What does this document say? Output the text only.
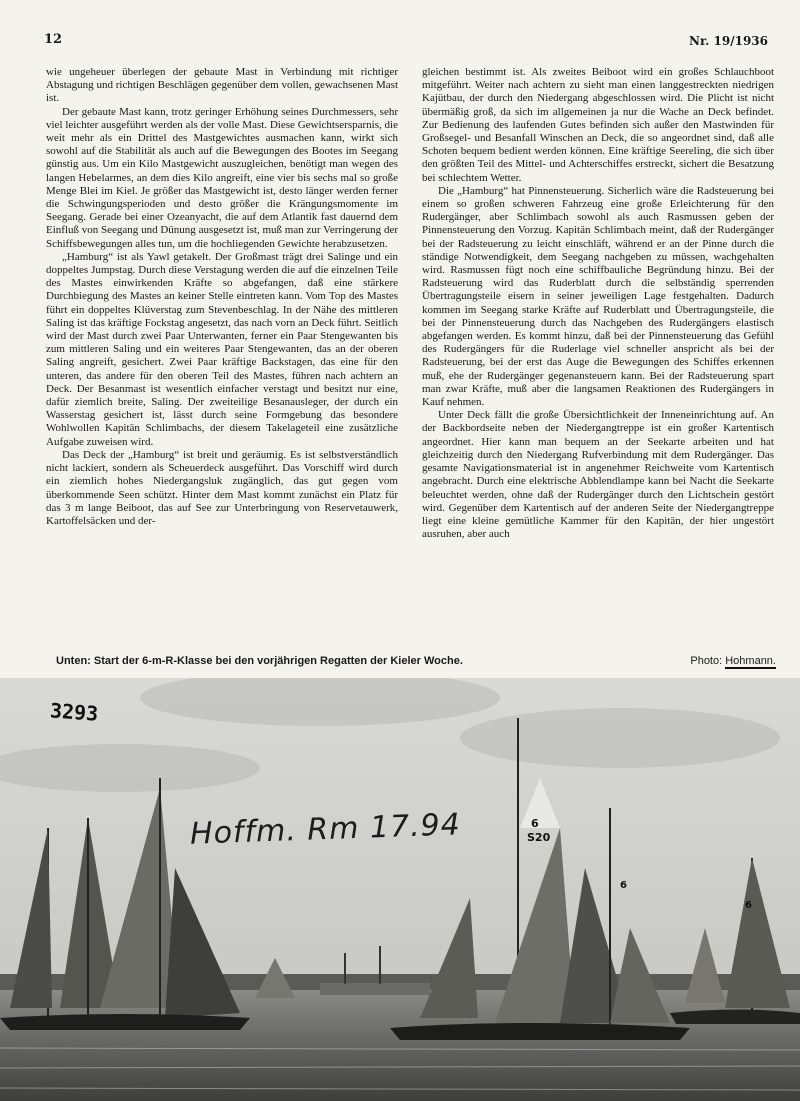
12	Nr. 19/1936

wie ungeheuer überlegen der gebaute Mast in Verbindung mit richtiger Abstagung und richtigen Beschlägen gegenüber dem vollen, gewachsenen Mast ist.

Der gebaute Mast kann, trotz geringer Erhöhung seines Durchmessers, sehr viel leichter ausgeführt werden als der volle Mast. Diese Gewichtsersparnis, die weit mehr als ein Drittel des Mastgewichtes ausmachen kann, wirkt sich sowohl auf die Stabilität als auch auf die Bewegungen des Bootes im Seegang günstig aus. Um ein Kilo Mastgewicht auszugleichen, benötigt man wegen des langen Hebelarmes, an dem dies Kilo angreift, eine vier bis sechs mal so große Menge Blei im Kiel. Je größer das Mastgewicht ist, desto länger werden ferner die Schwingungsperioden und desto größer die Krängungsmomente im Seegang. Gerade bei einer Ozeanyacht, die auf dem Atlantik fast dauernd dem Einfluß von Seegang und Dünung ausgesetzt ist, muß man zur Verringerung der Schiffsbewegungen alles tun, um die hochliegenden Gewichte herabzusetzen.

„Hamburg“ ist als Yawl getakelt. Der Großmast trägt drei Salinge und ein doppeltes Jumpstag. Durch diese Verstagung werden die auf die einzelnen Teile des Mastes einwirkenden Kräfte so abgefangen, daß eine stärkere Durchbiegung des Mastes an keiner Stelle eintreten kann. Vom Top des Mastes führt ein doppeltes Klüverstag zum Stevenbeschlag. In der Nähe des mittleren Saling ist das kräftige Fockstag angesetzt, das nach vorn an Deck führt. Seitlich wird der Mast durch zwei Paar Unterwanten, ferner ein Paar Stengewanten bis zum mittleren Saling und ein weiteres Paar Stengewanten, das an der oberen Saling angreift, gesichert. Zwei Paar kräftige Backstagen, das eine für den unteren, das andere für den oberen Teil des Mastes, führen nach achtern an Deck. Der Besanmast ist wesentlich einfacher verstagt und besitzt nur eine, dafür ziemlich breite, Saling. Der zweiteilige Besanausleger, der durch ein Wasserstag gesichert ist, lässt durch seine Formgebung das besondere Wohlwollen Kapitän Schlimbachs, der diesem Takelageteil eine zusätzliche Aufgabe zuweisen wird.

Das Deck der „Hamburg“ ist breit und geräumig. Es ist selbstverständlich nicht lackiert, sondern als Scheuerdeck ausgeführt. Das Vorschiff wird durch ein ziemlich hohes Niedergangsluk zugänglich, das gut gegen vom überkommende Seen schützt. Hinter dem Mast kommt zunächst ein Platz für das 3 m lange Beiboot, das auf See zur Unterbringung von Reservetauwerk, Kartoffelsäcken und der-

gleichen bestimmt ist. Als zweites Beiboot wird ein großes Schlauchboot mitgeführt. Weiter nach achtern zu sieht man einen langgestreckten niedrigen Kajütbau, der durch den Niedergang abgeschlossen wird. Die Plicht ist nicht übermäßig groß, da sich im allgemeinen ja nur die Wache an Deck befindet. Zur Bedienung des laufenden Gutes befinden sich außer den Mastwinden für Großsegel- und Besanfall Winschen an Deck, die so angeordnet sind, daß alle Schoten bequem bedient werden können. Eine kräftige Seereling, die sich über den größten Teil des Mittel- und Achterschiffes erstreckt, sichert die Besatzung bei schlechtem Wetter.

Die „Hamburg“ hat Pinnensteuerung. Sicherlich wäre die Radsteuerung bei einem so großen schweren Fahrzeug eine große Erleichterung für den Rudergänger, aber Schlimbach sowohl als auch Rasmussen geben der Pinnensteuerung den Vorzug. Kapitän Schlimbach meint, daß der Rudergänger bei der Radsteuerung zu leicht einschläft, während er an der Pinne durch die ständige Notwendigkeit, dem Seegang nachgeben zu müssen, wachgehalten wird. Rasmussen fügt noch eine schiffbauliche Begründung hinzu. Bei der Radsteuerung wird das Ruderblatt durch die selbständig sperrenden Übertragungsteile eisern in seiner jeweiligen Lage festgehalten. Dadurch kommen im Seegang starke Kräfte auf Ruderblatt und Übertragungsteile, die bei der Pinnensteuerung durch das Nachgeben des Rudergängers elastisch abgefangen werden. Es kommt hinzu, daß bei der Pinnensteuerung das Gefühl des Rudergängers für die Ruderlage viel schneller anspricht als bei der Radsteuerung, bei der erst das Auge die Bewegungen des Schiffes erkennen muß, ehe der Rudergänger gegenansteuern kann. Bei der Radsteuerung spart man zwar Kräfte, muß aber die langsamen Reaktionen des Rudergängers in Kauf nehmen.

Unter Deck fällt die große Übersichtlichkeit der Inneneinrichtung auf. An der Backbordseite neben der Niedergangtreppe ist ein großer Kartentisch angeordnet. Hier kann man bequem an der Seekarte arbeiten und hat gleichzeitig durch den Niedergang Rufverbindung mit dem Rudergänger. Das gesamte Navigationsmaterial ist in angenehmer Reichweite vom Kartentisch angebracht. Durch eine elektrische Abblendlampe kann bei Nacht die Seekarte beleuchtet werden, ohne daß der Rudergänger durch den Lichtschein gestört wird. Gegenüber dem Kartentisch auf der anderen Seite der Niedergangtreppe liegt eine kleine gemütliche Kammer für den Kapitän, der hier ungestört ausruhen, aber auch

Unten: Start der 6-m-R-Klasse bei den vorjährigen Regatten der Kieler Woche.	Photo: Hohmann.
6
S20
6
6
3293
Hoffm. Rm 17.94
